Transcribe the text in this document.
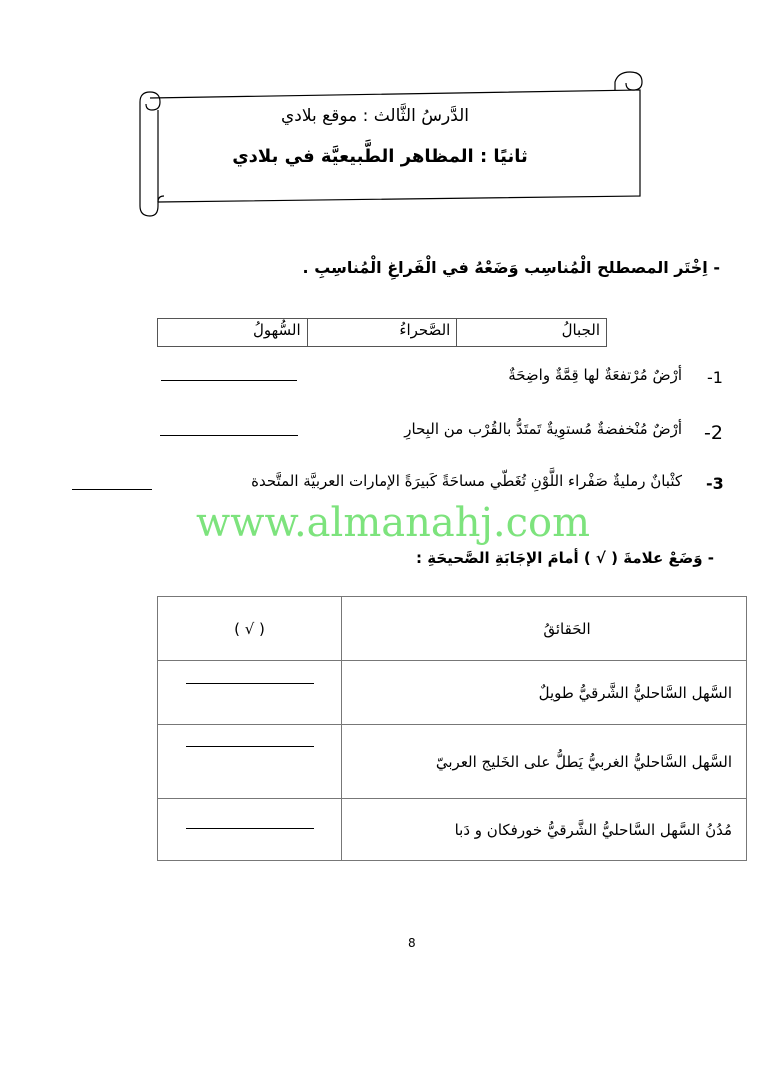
الدَّرسُ الثَّالث : موقع بلادي
ثانيًا : المظاهر الطَّبيعيَّة في بلادي
- اِخْتَر المصطلح الْمُناسِب وَضَعْهُ في الْفَراغِ الْمُناسِبِ .
الجبالُ
الصَّحراءُ
السُّهولُ
-1
أرْضٌ مُرْتفعَةٌ لها قِمَّةٌ واضِحَةٌ
-2
أرْضٌ مُنْخفضةٌ مُستوِيةٌ تَمتَدُّ بالقُرْب من البِحارِ
-3
كثْبانٌ رمليةٌ صَفْراء اللَّوْنِ تُغَطّي مساحَةً كَبيرَةً الإمارات العربيَّة المتَّحدة
www.almanahj.com
- وَضَعْ علامةَ ( √ ) أمامَ الإجَابَةِ الصَّحيحَةِ :
( √ )	الحَقائقُ
	السَّهل السَّاحليُّ الشَّرقيُّ طويلٌ
	السَّهل السَّاحليُّ الغربيُّ يَطلُّ على الخَليج العربيّ
	مُدُنُ السَّهل السَّاحليُّ الشَّرقيُّ خورفكان و دَبا
8
